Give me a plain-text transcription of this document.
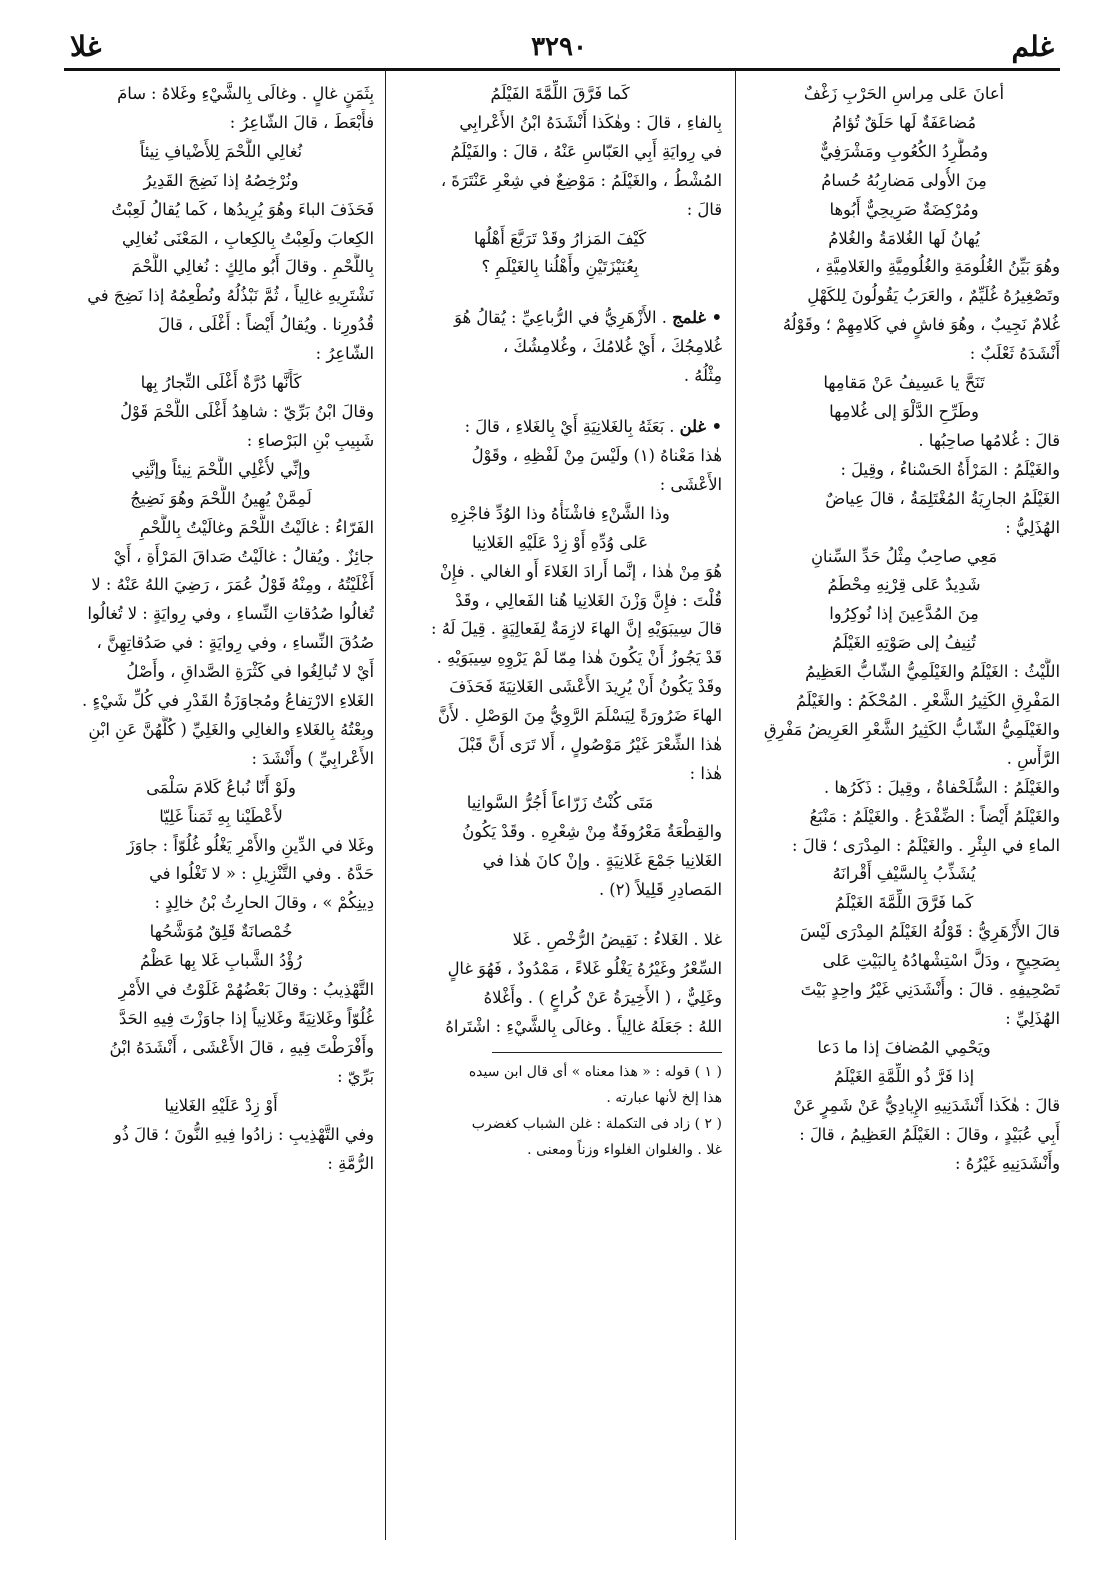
غلم
٣٢٩٠
غلا
أعانَ عَلى مِراسِ الحَرْبِ زَغْفٌ
مُضاعَفَةٌ لَها حَلَقٌ تُؤامُ
ومُطَّرِدُ الكُعُوبِ ومَشْرَفِيٌّ
مِنَ الأُولى مَضارِبُهُ حُسامُ
ومُرْكِضَةٌ صَرِيحِيٌّ أَبُوها
يُهانُ لَها الغُلامَةُ والغُلامُ
وهُوَ بَيِّنُ الغُلُومَةِ والغُلُومِيَّةِ والغَلامِيَّةِ ،
وتَصْغِيرُهُ غُلَيِّمٌ ، والعَرَبُ يَقُولُونَ لِلكَهْلِ
غُلامٌ نَجِيبٌ ، وهُوَ فاشٍ في كَلامِهِمْ ؛ وقَوْلُهُ
أَنْشَدَهُ ثَعْلَبٌ :
تَنَحَّ يا عَسِيفُ عَنْ مَقامِها
وطَرِّحِ الدَّلْوَ إلى غُلامِها
قالَ : غُلامُها صاحِبُها .
والغَيْلَمُ : المَرْأَةُ الحَسْناءُ ، وقِيلَ :
الغَيْلَمُ الجارِيَةُ المُغْتَلِمَةُ ، قالَ عِياضٌ
الهُذَلِيُّ :
مَعِي صاحِبٌ مِثْلُ حَدِّ السِّنانِ
شَدِيدٌ عَلى قِرْنِهِ مِحْطَمُ
مِنَ المُدَّعِينَ إذا نُوكِرُوا
تُنِيفُ إلى صَوْتِهِ الغَيْلَمُ
اللَّيْثُ : الغَيْلَمُ والغَيْلَمِيُّ الشّابُّ العَظِيمُ
المَفْرِقِ الكَثِيرُ الشَّعْرِ . المُحْكَمُ : والغَيْلَمُ
والغَيْلَمِيُّ الشّابُّ الكَثِيرُ الشَّعْرِ العَرِيضُ مَفْرِقِ
الرَّأْسِ .
والغَيْلَمُ : السُّلَحْفاةُ ، وقِيلَ : ذَكَرُها .
والغَيْلَمُ أَيْضاً : الضِّفْدَعُ . والغَيْلَمُ : مَنْبَعُ
الماءِ في البِئْرِ . والغَيْلَمُ : المِدْرَى ؛ قالَ :
يُشَذِّبُ بِالسَّيْفِ أَقْرانَهُ
كَما فَرَّقَ اللِّمَّةَ الغَيْلَمُ
قالَ الأَزْهَرِيُّ : قَوْلُهُ الغَيْلَمُ المِدْرَى لَيْسَ
بِصَحِيحٍ ، ودَلَّ اسْتِشْهادُهُ بِالبَيْتِ عَلى
تَصْحِيفِهِ . قالَ : وأَنْشَدَنِي غَيْرُ واحِدٍ بَيْتَ
الهُذَلِيِّ :
ويَحْمِي المُضافَ إذا ما دَعا
إذا فَرَّ ذُو اللِّمَّةِ الغَيْلَمُ
قالَ : هٰكَذا أَنْشَدَنِيهِ الإِيادِيُّ عَنْ شَمِرٍ عَنْ
أَبِي عُبَيْدٍ ، وقالَ : الغَيْلَمُ العَظِيمُ ، قالَ :
وأَنْشَدَنِيهِ غَيْرُهُ :
كَما فَرَّقَ اللِّمَّةَ الفَيْلَمُ
بِالفاءِ ، قالَ : وهٰكَذا أَنْشَدَهُ ابْنُ الأَعْرابِي
في رِوايَةِ أَبِي العَبّاسِ عَنْهُ ، قالَ : والفَيْلَمُ
المُشْطُ ، والغَيْلَمُ : مَوْضِعٌ في شِعْرِ عَنْتَرَةَ ،
قالَ :
كَيْفَ المَزارُ وقَدْ تَرَبَّعَ أَهْلُها
بِعُنَيْزَتَيْنِ وأَهْلُنا بِالغَيْلَمِ ؟
• غلمج . الأَزْهَرِيُّ في الرُّباعِيِّ : يُقالُ هُوَ
غُلامِجُكَ ، أَيْ غُلامُكَ ، وغُلامِشُكَ ،
مِثْلُهُ .
• غلن . بَعَثَهُ بِالغَلانِيَةِ أَيْ بِالغَلاءِ ، قالَ :
هٰذا مَعْناهُ (١) ولَيْسَ مِنْ لَفْظِهِ ، وقَوْلُ
الأَعْشَى :
وذا الشَّنْءِ فاشْنَأْهُ وذا الوُدِّ فاجْزِهِ
عَلى وُدِّهِ أَوْ زِدْ عَلَيْهِ الغَلانِيا
هُوَ مِنْ هٰذا ، إنَّما أَرادَ الغَلاءَ أَو الغالي . فإِنْ
قُلْتَ : فإِنَّ وَزْنَ الغَلانِيا هُنا الفَعالِي ، وقَدْ
قالَ سِيبَوَيْهِ إنَّ الهاءَ لازِمَةٌ لِفَعالِيَةٍ . قِيلَ لَهُ :
قَدْ يَجُوزُ أَنْ يَكُونَ هٰذا مِمّا لَمْ يَرْوِهِ سِيبَوَيْهِ .
وقَدْ يَكُونُ أَنْ يُرِيدَ الأَعْشَى الغَلانِيَةَ فَحَذَفَ
الهاءَ ضَرُورَةً لِيَسْلَمَ الرَّوِيُّ مِنَ الوَصْلِ . لأَنَّ
هٰذا الشِّعْرَ غَيْرُ مَوْصُولٍ ، أَلا تَرَى أَنَّ قَبْلَ
هٰذا :
مَتَى كُنْتُ زَرّاعاً أُجُرُّ السَّوانِيا
والقِطْعَةُ مَعْرُوفَةٌ مِنْ شِعْرِهِ . وقَدْ يَكُونُ
الغَلانِيا جَمْعَ غَلانِيَةٍ . وإنْ كانَ هٰذا في
المَصادِرِ قَلِيلاً (٢) .
غلا . الغَلاءُ : نَقِيضُ الرُّخْصِ . غَلا
السِّعْرُ وغَيْرُهُ يَغْلُو غَلاءً ، مَمْدُودٌ ، فَهُوَ غالٍ
وغَلِيٌّ ، ( الأَخِيرَةُ عَنْ كُراعٍ ) . وأَغْلاهُ
اللهُ : جَعَلَهُ غالِياً . وغالَى بِالشَّيْءِ : اشْتَراهُ
( ١ ) قوله : « هذا معناه » أى قال ابن سيده
هذا إلخ لأنها عبارته .
( ٢ ) زاد فى التكملة : غلن الشباب كغضرب
غلا . والغلوان الغلواء وزناً ومعنى .
بِثَمَنٍ غالٍ . وغالَى بِالشَّيْءِ وغَلاهُ : سامَ
فأَبْعَطَ ، قالَ الشّاعِرُ :
نُغالِي اللَّحْمَ لِلأَضْيافِ نِيئاً
ونُرْخِصُهُ إذا نَضِجَ القَدِيرُ
فَحَذَفَ الباءَ وهُوَ يُرِيدُها ، كَما يُقالُ لَعِبْتُ
الكِعابَ ولَعِبْتُ بِالكِعابِ ، المَعْنَى نُغالِي
بِاللَّحْمِ . وقالَ أَبُو مالِكٍ : نُغالِي اللَّحْمَ
نَشْتَرِيهِ غالِياً ، ثُمَّ نَبْذُلُهُ ونُطْعِمُهُ إذا نَضِجَ في
قُدُورِنا . ويُقالُ أَيْضاً : أَغْلَى ، قالَ
الشّاعِرُ :
كَأَنَّها دُرَّةٌ أَغْلَى التِّجارُ بِها
وقالَ ابْنُ بَرِّيّ : شاهِدُ أَغْلَى اللَّحْمَ قَوْلُ
شَبِيبِ بْنِ البَرْصاءِ :
وإنِّي لأُغْلِي اللَّحْمَ نِيئاً وإنَّنِي
لَمِمَّنْ يُهِينُ اللَّحْمَ وهُوَ نَضِيجُ
الفَرّاءُ : غالَيْتُ اللَّحْمَ وغالَيْتُ بِاللَّحْمِ
جائِزٌ . ويُقالُ : غالَيْتُ صَداقَ المَرْأَةِ ، أَيْ
أَغْلَيْتُهُ ، ومِنْهُ قَوْلُ عُمَرَ ، رَضِيَ اللهُ عَنْهُ : لا
تُغالُوا صُدُقاتِ النِّساءِ ، وفي رِوايَةٍ : لا تُغالُوا
صُدُقَ النِّساءِ ، وفي رِوايَةٍ : في صَدُقاتِهِنَّ ،
أَيْ لا تُبالِغُوا في كَثْرَةِ الصَّداقِ ، وأَصْلُ
الغَلاءِ الارْتِفاعُ ومُجاوَزَةُ القَدْرِ في كُلِّ شَيْءٍ .
وبِعْتُهُ بِالغَلاءِ والغالِي والغَلِيِّ ( كُلُّهُنَّ عَنِ ابْنِ
الأَعْرابِيِّ ) وأَنْشَدَ :
ولَوْ أَنّا نُباعُ كَلامَ سَلْمَى
لأَعْطَيْنا بِهِ ثَمَناً غَلِيّا
وغَلا في الدِّينِ والأَمْرِ يَغْلُو غُلُوّاً : جاوَزَ
حَدَّهُ . وفي التَّنْزِيلِ : « لا تَغْلُوا في
دِينِكُمْ » ، وقالَ الحارِثُ بْنُ خالِدٍ :
خُمْصانَةٌ قَلِقٌ مُوَشَّحُها
رُؤْدُ الشَّبابِ غَلا بِها عَظْمُ
التَّهْذِيبُ : وقالَ بَعْضُهُمْ غَلَوْتُ في الأَمْرِ
غُلُوّاً وغَلانِيَةً وغَلانِياً إذا جاوَزْتَ فِيهِ الحَدَّ
وأَفْرَطْتَ فِيهِ ، قالَ الأَعْشَى ، أَنْشَدَهُ ابْنُ
بَرِّيّ :
أَوْ زِدْ عَلَيْهِ الغَلانِيا
وفي التَّهْذِيبِ : زادُوا فِيهِ النُّونَ ؛ قالَ ذُو
الرُّمَّةِ :
